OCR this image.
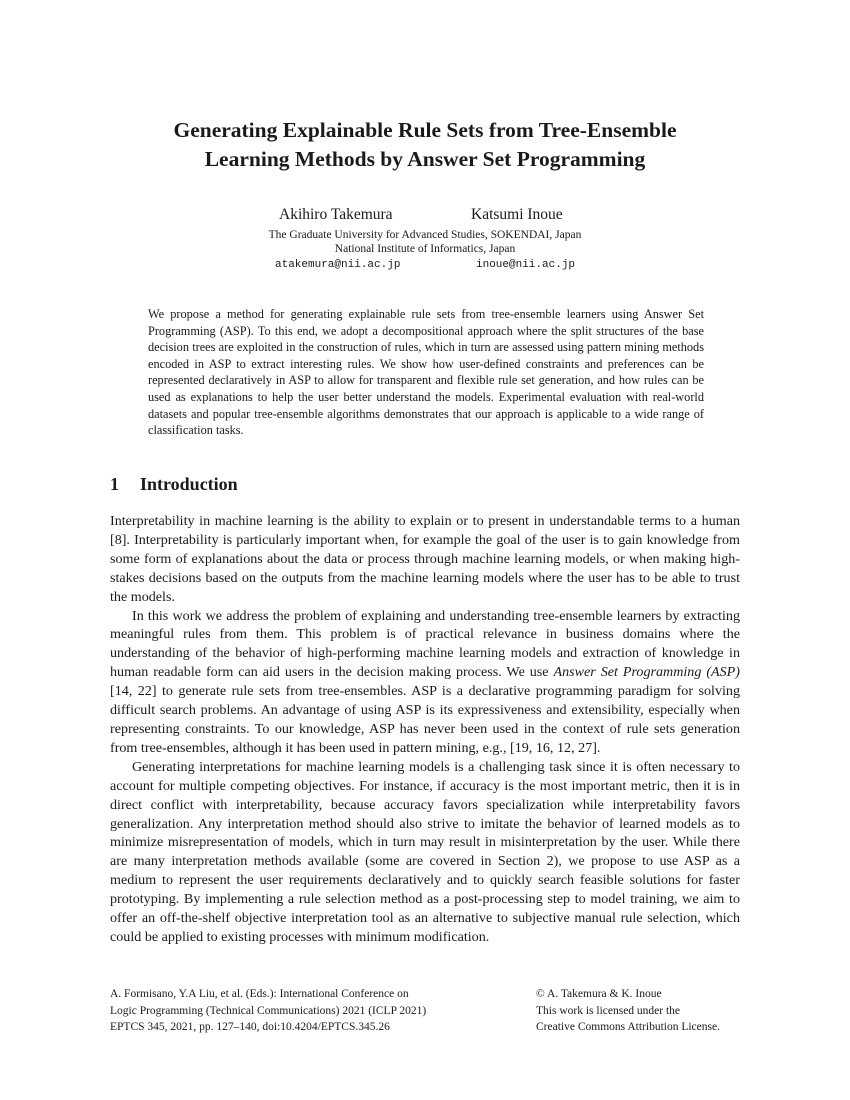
Generating Explainable Rule Sets from Tree-Ensemble
Learning Methods by Answer Set Programming
Akihiro Takemura	Katsumi Inoue
The Graduate University for Advanced Studies, SOKENDAI, Japan
National Institute of Informatics, Japan
atakemura@nii.ac.jp	inoue@nii.ac.jp

We propose a method for generating explainable rule sets from tree-ensemble learners using Answer Set Programming (ASP). To this end, we adopt a decompositional approach where the split structures of the base decision trees are exploited in the construction of rules, which in turn are assessed using pattern mining methods encoded in ASP to extract interesting rules. We show how user-defined constraints and preferences can be represented declaratively in ASP to allow for transparent and flexible rule set generation, and how rules can be used as explanations to help the user better understand the models. Experimental evaluation with real-world datasets and popular tree-ensemble algorithms demonstrates that our approach is applicable to a wide range of classification tasks.

1 Introduction

Interpretability in machine learning is the ability to explain or to present in understandable terms to a human [8]. Interpretability is particularly important when, for example the goal of the user is to gain knowledge from some form of explanations about the data or process through machine learning models, or when making high-stakes decisions based on the outputs from the machine learning models where the user has to be able to trust the models.

In this work we address the problem of explaining and understanding tree-ensemble learners by extracting meaningful rules from them. This problem is of practical relevance in business domains where the understanding of the behavior of high-performing machine learning models and extraction of knowledge in human readable form can aid users in the decision making process. We use Answer Set Programming (ASP) [14, 22] to generate rule sets from tree-ensembles. ASP is a declarative programming paradigm for solving difficult search problems. An advantage of using ASP is its expressiveness and extensibility, especially when representing constraints. To our knowledge, ASP has never been used in the context of rule sets generation from tree-ensembles, although it has been used in pattern mining, e.g., [19, 16, 12, 27].

Generating interpretations for machine learning models is a challenging task since it is often necessary to account for multiple competing objectives. For instance, if accuracy is the most important metric, then it is in direct conflict with interpretability, because accuracy favors specialization while interpretability favors generalization. Any interpretation method should also strive to imitate the behavior of learned models as to minimize misrepresentation of models, which in turn may result in misinterpretation by the user. While there are many interpretation methods available (some are covered in Section 2), we propose to use ASP as a medium to represent the user requirements declaratively and to quickly search feasible solutions for faster prototyping. By implementing a rule selection method as a post-processing step to model training, we aim to offer an off-the-shelf objective interpretation tool as an alternative to subjective manual rule selection, which could be applied to existing processes with minimum modification.

A. Formisano, Y.A Liu, et al. (Eds.): International Conference on
Logic Programming (Technical Communications) 2021 (ICLP 2021)
EPTCS 345, 2021, pp. 127–140, doi:10.4204/EPTCS.345.26
© A. Takemura & K. Inoue
This work is licensed under the
Creative Commons Attribution License.
